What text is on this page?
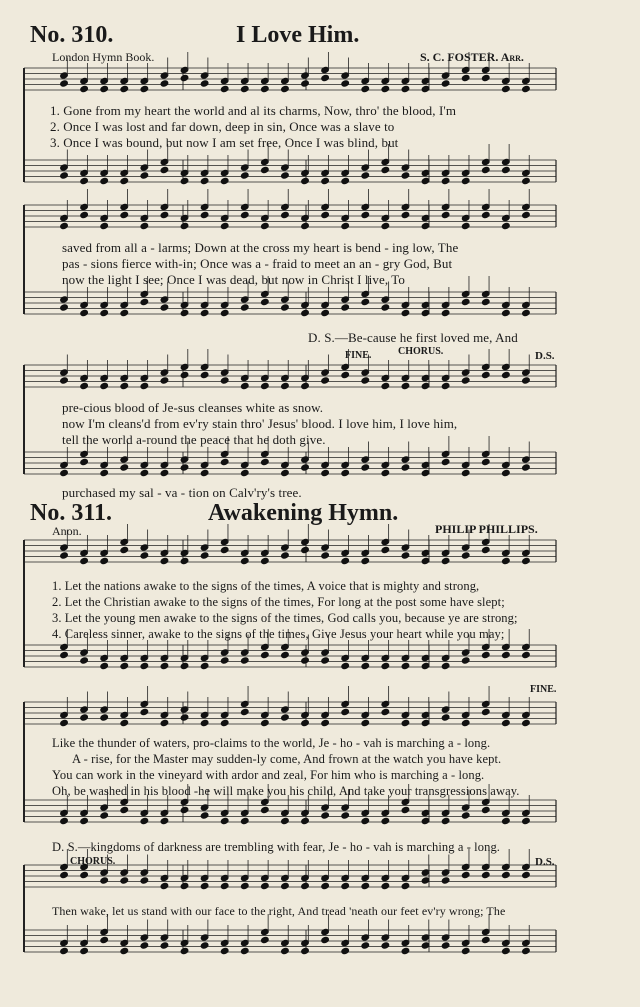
No. 310.	I Love Him.
London Hymn Book.	S. C. FOSTER. Arr.
1. Gone from my heart the world and al its charms, Now, thro' the blood, I'm
2. Once I was lost and far down, deep in sin, Once was a slave to
3. Once I was bound, but now I am set free, Once I was blind, but
saved from all a - larms; Down at the cross my heart is bend - ing low, The
pas - sions fierce with-in; Once was a - fraid to meet an an - gry God, But
now the light I see; Once I was dead, but now in Christ I live, To
D. S.—Be-cause he first loved me, And
FINE.	CHORUS.	D.S.
pre-cious blood of Je-sus cleanses white as snow.
now I'm cleans'd from ev'ry stain thro' Jesus' blood. I love him, I love him,
tell the world a-round the peace that he doth give.
purchased my sal - va - tion on Calv'ry's tree.
No. 311.	Awakening Hymn.
Anon.	PHILIP PHILLIPS.
1. Let the nations awake to the signs of the times, A voice that is mighty and strong,
2. Let the Christian awake to the signs of the times, For long at the post some have slept;
3. Let the young men awake to the signs of the times, God calls you, because ye are strong;
4. Careless sinner, awake to the signs of the times, Give Jesus your heart while you may;
FINE.
Like the thunder of waters, pro-claims to the world, Je - ho - vah is marching a - long.
A - rise, for the Master may sudden-ly come, And frown at the watch you have kept.
You can work in the vineyard with ardor and zeal, For him who is marching a - long.
Oh, be washed in his blood -he will make you his child, And take your transgressions away.
D. S.—kingdoms of darkness are trembling with fear, Je - ho - vah is marching a - long.
CHORUS.	D.S.
Then wake, let us stand with our face to the right, And tread 'neath our feet ev'ry wrong; The
